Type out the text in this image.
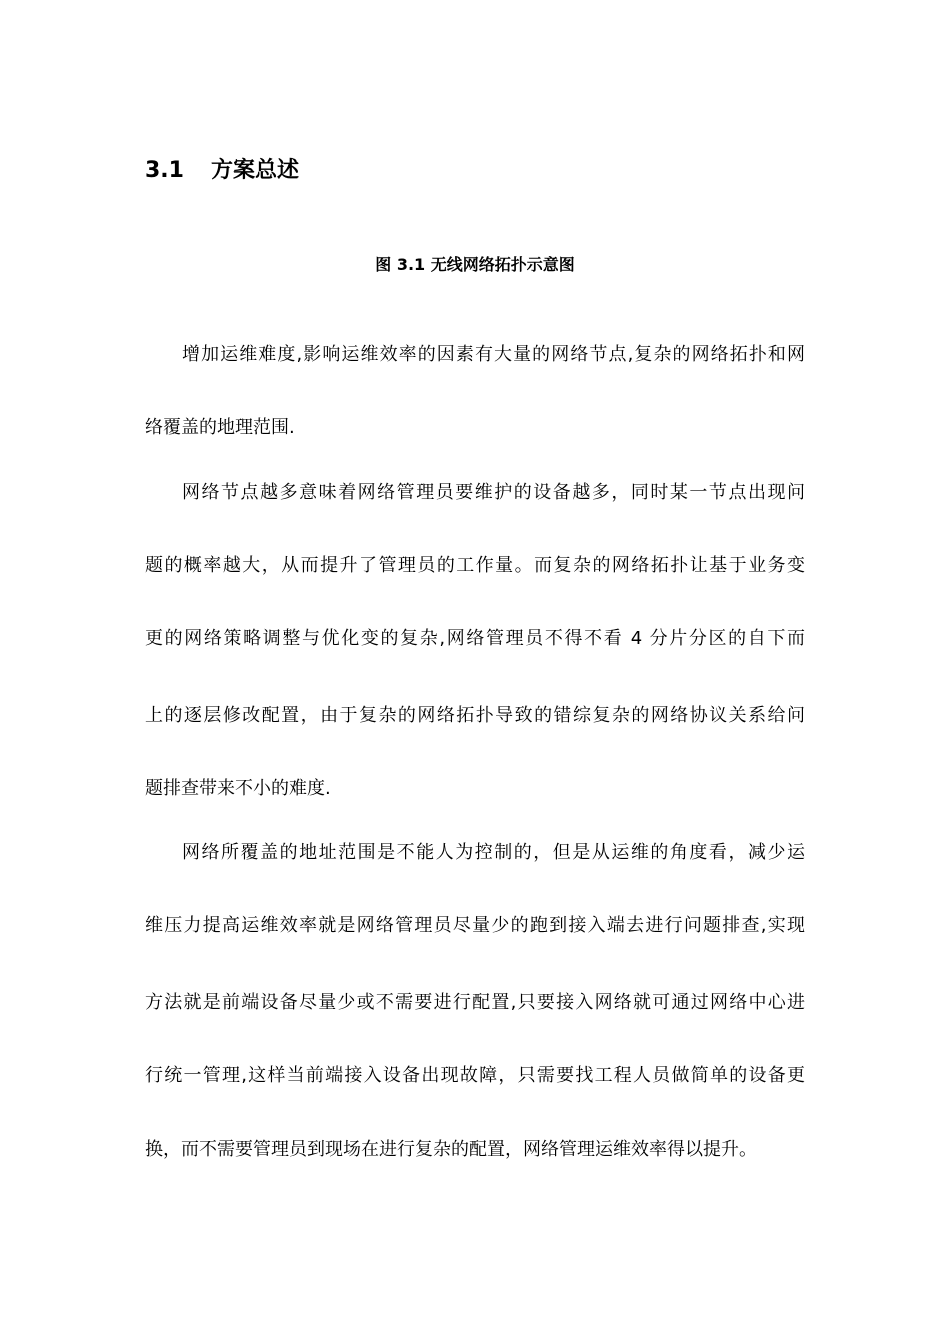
3.1 方案总述
图 3.1 无线网络拓扑示意图
增加运维难度,影响运维效率的因素有大量的网络节点,复杂的网络拓扑和网
络覆盖的地理范围.
网络节点越多意味着网络管理员要维护的设备越多，同时某一节点出现问
题的概率越大，从而提升了管理员的工作量。而复杂的网络拓扑让基于业务变
更的网络策略调整与优化变的复杂,网络管理员不得不看 4 分片分区的自下而
上的逐层修改配置，由于复杂的网络拓扑导致的错综复杂的网络协议关系给问
题排查带来不小的难度.
网络所覆盖的地址范围是不能人为控制的，但是从运维的角度看，减少运
维压力提高运维效率就是网络管理员尽量少的跑到接入端去进行问题排查,实现
方法就是前端设备尽量少或不需要进行配置,只要接入网络就可通过网络中心进
行统一管理,这样当前端接入设备出现故障，只需要找工程人员做简单的设备更
换，而不需要管理员到现场在进行复杂的配置，网络管理运维效率得以提升。
